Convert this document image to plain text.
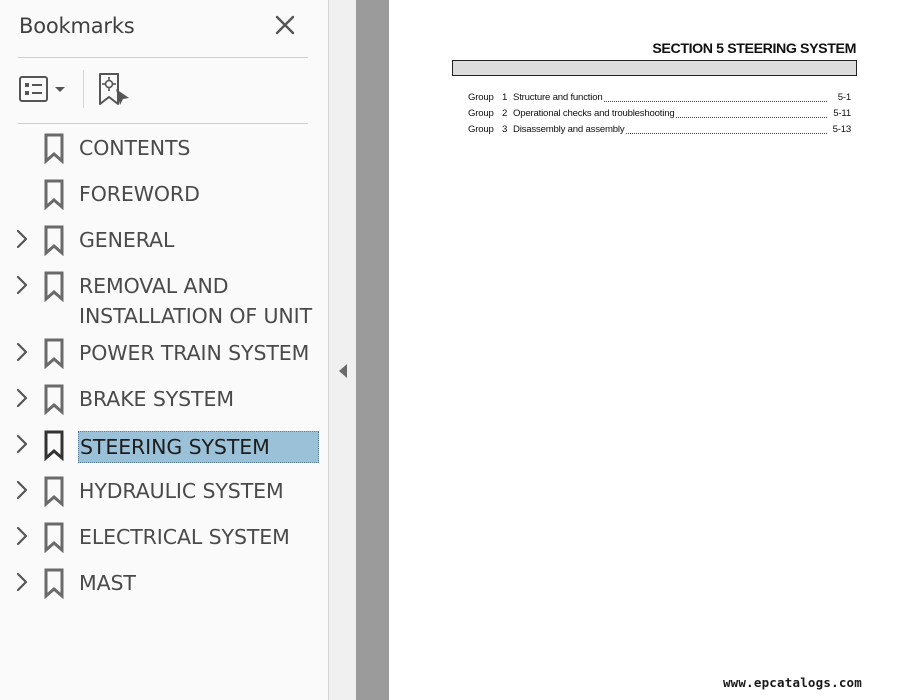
Bookmarks
CONTENTS
FOREWORD
GENERAL
REMOVAL AND
INSTALLATION OF UNIT
POWER TRAIN SYSTEM
BRAKE SYSTEM
STEERING SYSTEM
HYDRAULIC SYSTEM
ELECTRICAL SYSTEM
MAST
SECTION 5 STEERING SYSTEM
Group 1 Structure and function	5-1
Group 2 Operational checks and troubleshooting	5-11
Group 3 Disassembly and assembly	5-13
www.epcatalogs.com
